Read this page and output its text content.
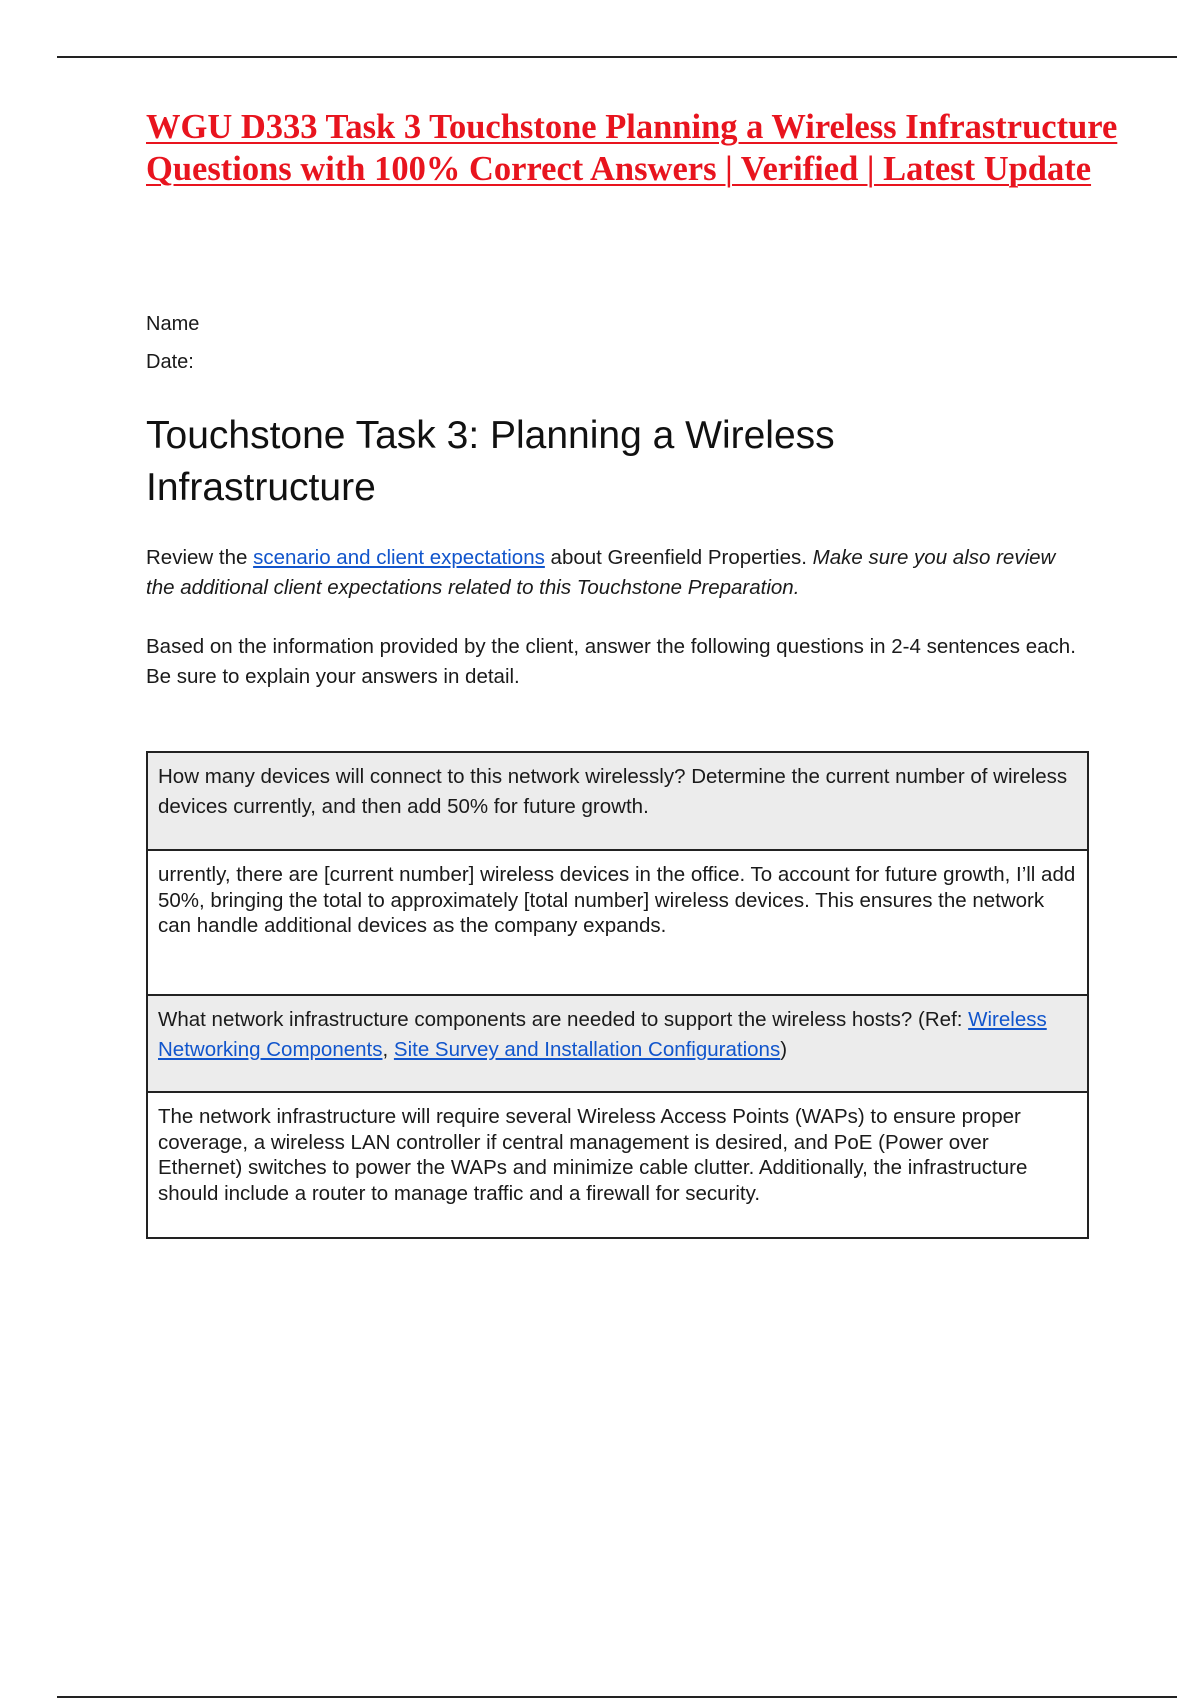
WGU D333 Task 3 Touchstone Planning a Wireless Infrastructure Questions with 100% Correct Answers | Verified | Latest Update
Name
Date:
Touchstone Task 3: Planning a Wireless Infrastructure

Review the scenario and client expectations about Greenfield Properties. Make sure you also review the additional client expectations related to this Touchstone Preparation.

Based on the information provided by the client, answer the following questions in 2-4 sentences each. Be sure to explain your answers in detail.

How many devices will connect to this network wirelessly? Determine the current number of wireless devices currently, and then add 50% for future growth.
urrently, there are [current number] wireless devices in the office. To account for future growth, I’ll add 50%, bringing the total to approximately [total number] wireless devices. This ensures the network can handle additional devices as the company expands.
What network infrastructure components are needed to support the wireless hosts? (Ref: Wireless Networking Components, Site Survey and Installation Configurations)
The network infrastructure will require several Wireless Access Points (WAPs) to ensure proper coverage, a wireless LAN controller if central management is desired, and PoE (Power over Ethernet) switches to power the WAPs and minimize cable clutter. Additionally, the infrastructure should include a router to manage traffic and a firewall for security.
